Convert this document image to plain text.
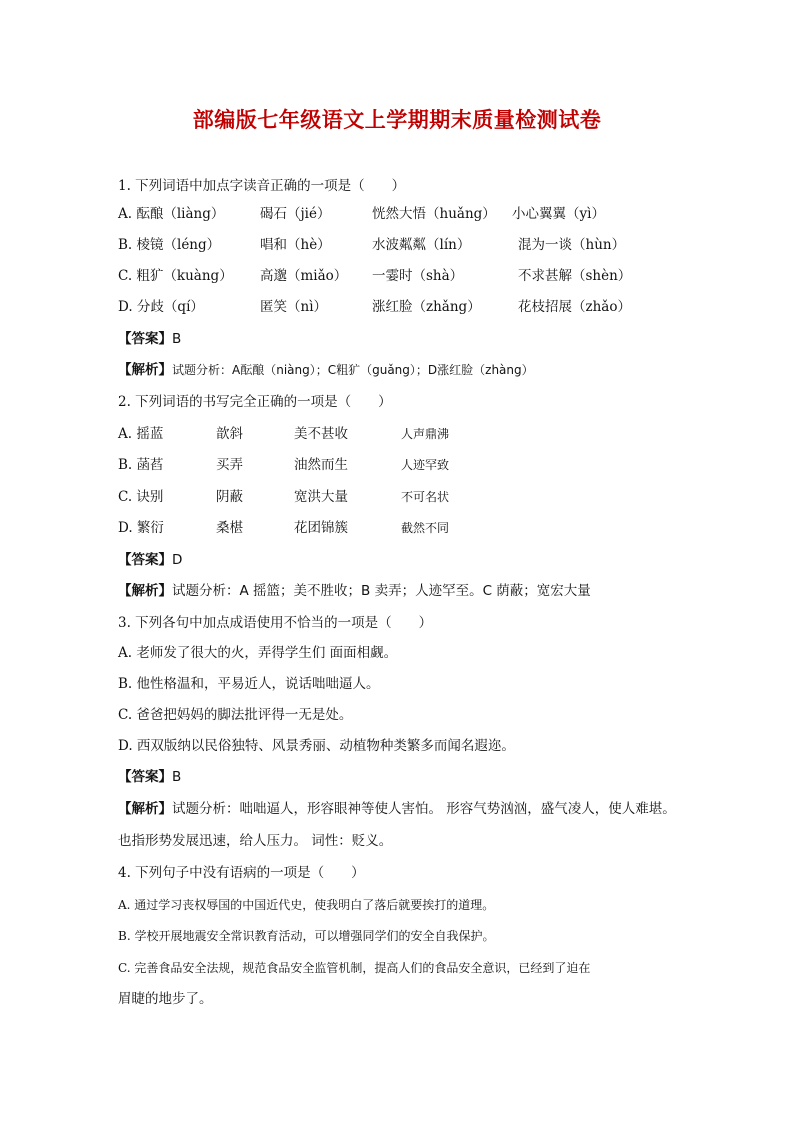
部编版七年级语文上学期期末质量检测试卷
1. 下列词语中加点字读音正确的一项是（　　）
A. 酝酿（liàng）	碣石（jié）	恍然大悟（huǎng） 小心翼翼（yì）
B. 棱镜（léng）	唱和（hè）	水波粼粼（lín）	混为一谈（hùn）
C. 粗犷（kuàng） 高邈（miǎo） 一霎时（shà）	不求甚解（shèn）
D. 分歧（qí）	匿笑（nì）	涨红脸（zhǎng）	花枝招展（zhǎo）
【答案】B
【解析】试题分析：A酝酿（niàng）；C粗犷（guǎng）；D涨红脸（zhàng）
2. 下列词语的书写完全正确的一项是（　　）
A. 摇蓝	歆斜	美不甚收	人声鼎沸
B. 菡萏	买弄	油然而生	人迹罕致
C. 诀别	阴蔽	宽洪大量	不可名状
D. 繁衍	桑椹	花团锦簇	截然不同
【答案】D
【解析】试题分析：A 摇篮；美不胜收；B 卖弄；人迹罕至。C 荫蔽；宽宏大量
3. 下列各句中加点成语使用不恰当的一项是（　　）
A. 老师发了很大的火，弄得学生们 面面相觑。
B. 他性格温和，平易近人，说话咄咄逼人。
C. 爸爸把妈妈的脚法批评得一无是处。
D. 西双版纳以民俗独特、风景秀丽、动植物种类繁多而闻名遐迩。
【答案】B
【解析】试题分析：咄咄逼人，形容眼神等使人害怕。 形容气势汹汹，盛气凌人，使人难堪。也指形势发展迅速，给人压力。 词性：贬义。
4. 下列句子中没有语病的一项是（　　）
A. 通过学习丧权辱国的中国近代史，使我明白了落后就要挨打的道理。
B. 学校开展地震安全常识教育活动，可以增强同学们的安全自我保护。
C. 完善食品安全法规，规范食品安全监管机制，提高人们的食品安全意识，已经到了迫在
眉睫的地步了。
